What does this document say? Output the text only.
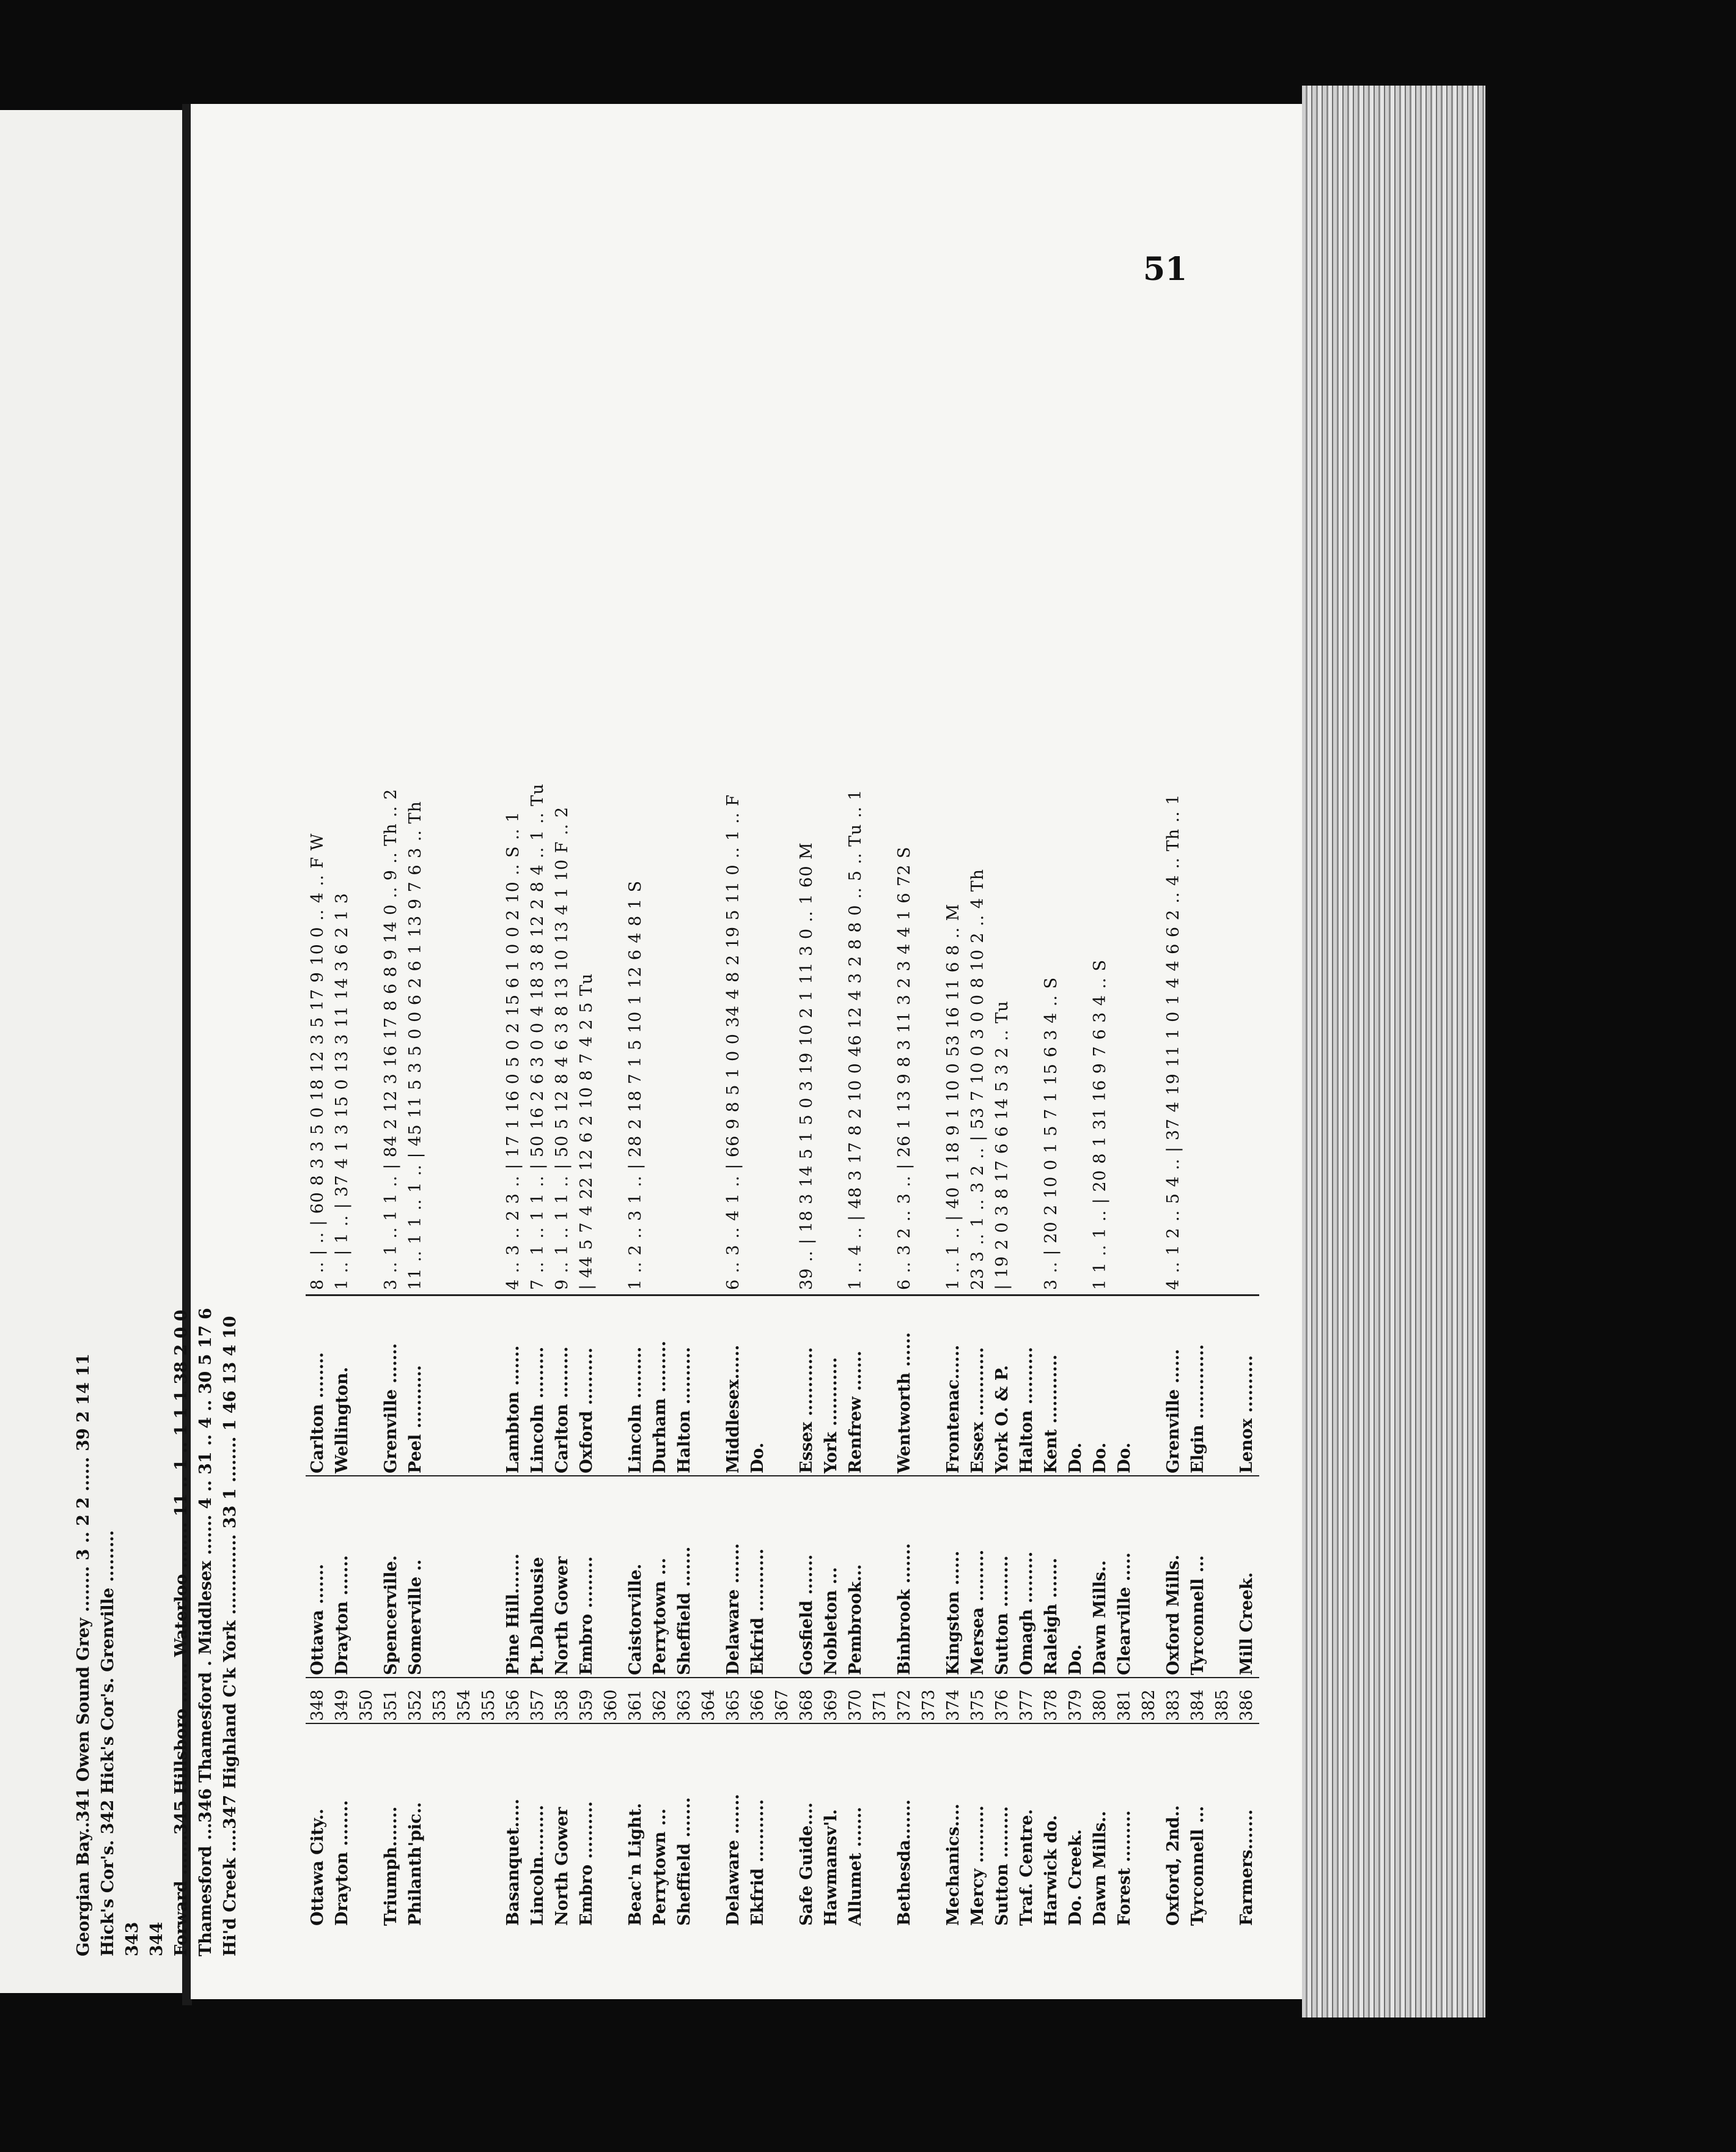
51
Georgian Bay..341 Owen Sound Grey ........ 3 .. 2 2 ...... 39 2 14 11 Hick's Cor's. 342 Hick's Cor's. Grenville ......... 343 344 Forward .......345 Hillsboro ....... Waterloo ........ 11 .. 1 .. 1 1 1 38 2 0 0 Thamesford ...346 Thamesford . Middlesex ....... 4 .. 31 .. 4 .. 30 5 17 6 Hi'd Creek ....347 Highland C'k York .............. 33 1 ........ 1 46 13 4 10	Ottawa City..
348
Ottawa .......
Carlton ........
8 .. | .. | 60 8 3 3 5 0 18 12 3 5 17 9 10 0 .. 4 .. F W
Drayton ........
349
Drayton .......
Wellington.
1 .. | 1 .. | 37 4 1 3 15 0 13 3 11 14 3 6 2 1 3
350
Triumph.......
351
Spencerville.
Grenville .......
3 .. 1 .. 1 1 .. | 84 2 12 3 16 17 8 6 8 9 14 0 .. 9 .. Th .. 2
Philanth'pic..
352
Somerville ..
Peel ...........
11 .. 1 1 .. 1 .. | 45 11 5 3 5 0 0 6 2 6 1 13 9 7 6 3 .. Th
353 354 355
Basanquet.....
356
Pine Hill.......
Lambton .......
4 .. 3 .. 2 3 .. | 17 1 16 0 5 0 2 15 6 1 0 0 2 10 .. S .. 1
Lincoln.........
357
Pt.Dalhousie
Lincoln .........
7 .. 1 .. 1 1 .. | 50 16 2 6 3 0 0 4 18 3 8 12 2 8 4 .. 1 .. Tu
North Gower
358
North Gower
Carlton .........
9 .. 1 .. 1 1 .. | 50 5 12 8 4 6 3 8 13 10 13 4 1 10 F .. 2
Embro ..........
359
Embro .........
Oxford ..........
| 44 5 7 4 22 12 6 2 10 8 7 4 2 5 Tu
360
Beac'n Light.
361
Caistorville.
Lincoln .........
1 .. 2 .. 3 1 .. | 28 2 18 7 1 5 10 1 12 6 4 8 1 S
Perrytown ...
362
Perrytown ...
Durham .........
Sheffield .......
363
Sheffield .......
Halton ..........
364
Delaware .......
365
Delaware .......
Middlesex......
6 .. 3 .. 4 1 .. | 66 9 8 5 1 0 0 34 4 8 2 19 5 11 0 .. 1 .. F
Ekfrid ...........
366
Ekfrid ...........
Do.
367
Safe Guide....
368
Gosfield .......
Essex ............
39 .. | 18 3 14 5 1 5 0 3 19 10 2 1 11 3 0 .. 1 60 M
Hawmansv'l.
369
Nobleton ...
York ............
Allumet .......
370
Pembrook...
Renfrew .......
1 .. 4 .. | 48 3 17 8 2 10 0 46 12 4 3 2 8 8 0 .. 5 .. Tu .. 1
371
Bethesda.......
372
Binbrook .......
Wentworth ......
6 .. 3 2 .. 3 .. | 26 1 13 9 8 3 11 3 2 3 4 4 1 6 72 S
373
Mechanics....
374
Kingston ......
Frontenac......
1 .. 1 .. | 40 1 18 9 1 10 0 53 16 11 6 8 .. M
Mercy ..........
375
Mersea .........
Essex ............
23 3 .. 1 .. 3 2 .. | 53 7 10 0 3 0 0 8 10 2 .. 4 Th
Sutton .........
376
Sutton .........
York O. & P.
| 19 2 0 3 8 17 6 6 14 5 3 2 .. Tu
Traf. Centre.
377
Omagh .........
Halton ..........
Harwick do.
378
Raleigh .......
Kent ............
3 .. | 20 2 10 0 1 5 7 1 15 6 3 4 .. S
Do. Creek.
379
Do.
Do.
Dawn Mills..
380
Dawn Mills..
Do.
1 1 .. 1 .. | 20 8 1 31 16 9 7 6 3 4 .. S
Forest .........
381
Clearville .....
Do.
382
Oxford, 2nd..
383
Oxford Mills.
Grenville ......
4 .. 1 2 .. 5 4 .. | 37 4 19 11 1 0 1 4 4 6 6 2 .. 4 .. Th .. 1
Tyrconnell ...
384
Tyrconnell ...
Elgin .............
385
Farmers.......
386
Mill Creek.
Lenox ..........
